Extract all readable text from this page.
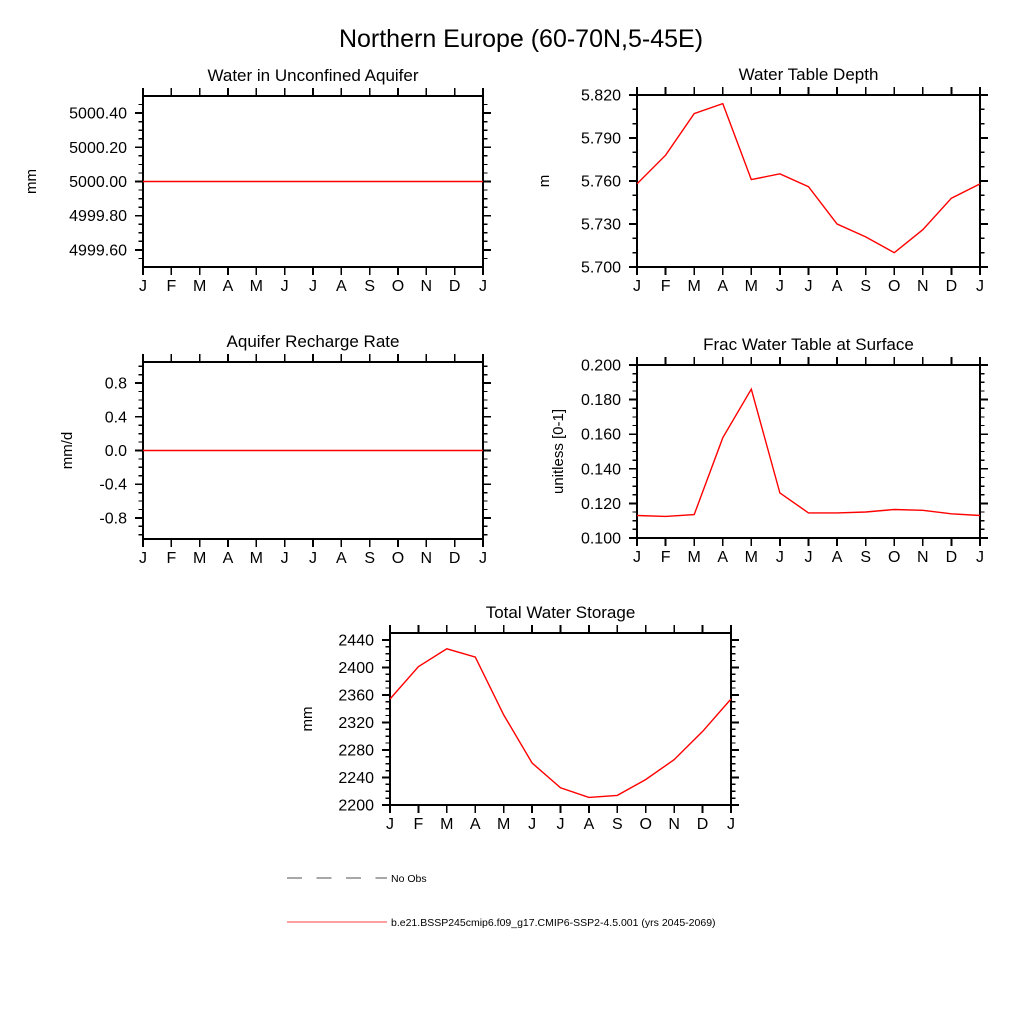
Northern Europe (60-70N,5-45E)
J F M A M J J A S O N D J
5000.40
5000.20
5000.00
4999.80
4999.60
Water in Unconfined Aquifer
mm
J F M A M J J A S O N D J
5.820
5.790
5.760
5.730
5.700
Water Table Depth
m
J F M A M J J A S O N D J
0.8
0.4
0.0
-0.4
-0.8
Aquifer Recharge Rate
mm/d
J F M A M J J A S O N D J
0.200
0.180
0.160
0.140
0.120
0.100
Frac Water Table at Surface
unitless [0-1]
J F M A M J J A S O N D J
2440
2400
2360
2320
2280
2240
2200
Total Water Storage
mm
No Obs
b.e21.BSSP245cmip6.f09_g17.CMIP6-SSP2-4.5.001 (yrs 2045-2069)
